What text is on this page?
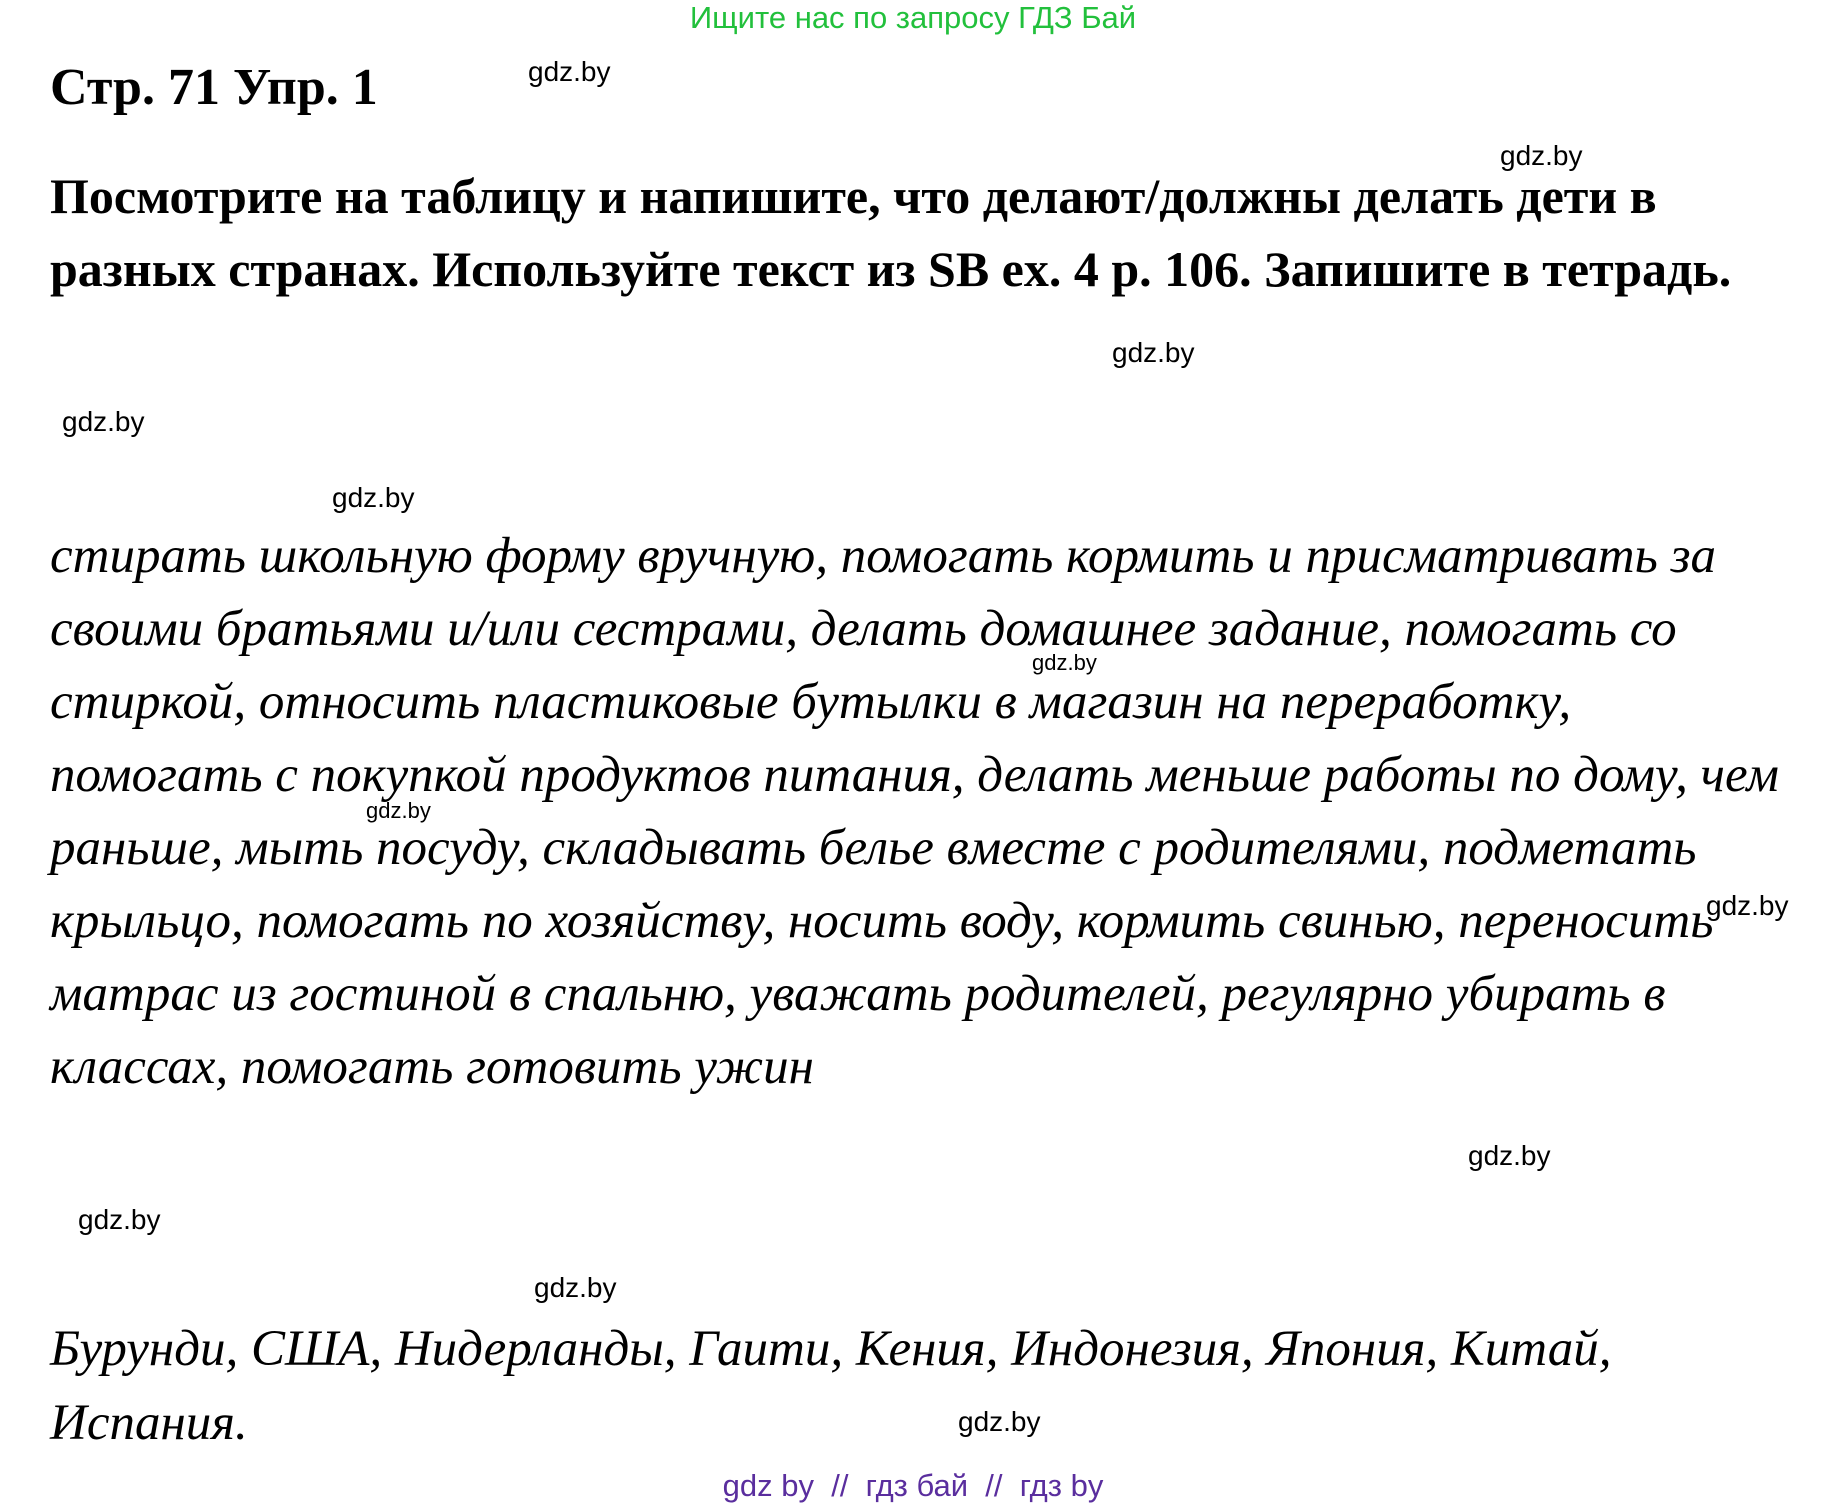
Ищите нас по запросу ГДЗ Бай
Стр. 71 Упр. 1
Посмотрите на таблицу и напишите, что делают/должны делать дети в разных странах. Используйте текст из SB ex. 4 p. 106. Запишите в тетрадь.
стирать школьную форму вручную, помогать кормить и присматривать за своими братьями и/или сестрами, делать домашнее задание, помогать со стиркой, относить пластиковые бутылки в магазин на переработку, помогать с покупкой продуктов питания, делать меньше работы по дому, чем раньше, мыть посуду, складывать белье вместе с родителями, подметать крыльцо, помогать по хозяйству, носить воду, кормить свинью, переносить матрас из гостиной в спальню, уважать родителей, регулярно убирать в классах, помогать готовить ужин
Бурунди, США, Нидерланды, Гаити, Кения, Индонезия, Япония, Китай, Испания.
gdz.by
gdz.by
gdz.by
gdz.by
gdz.by
gdz.by
gdz.by
gdz.by
gdz.by
gdz.by
gdz.by
gdz.by
gdz by  //  гдз бай  //  гдз by
